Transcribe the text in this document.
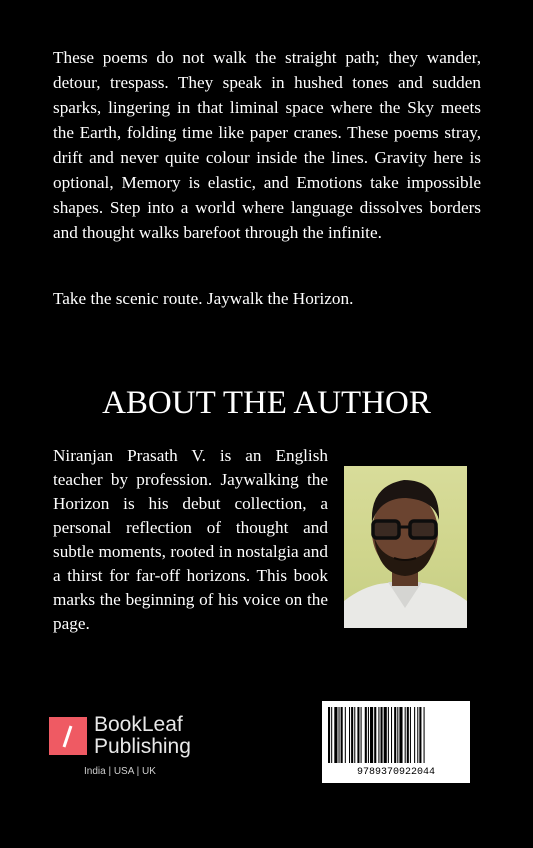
These poems do not walk the straight path; they wander, detour, trespass. They speak in hushed tones and sudden sparks, lingering in that liminal space where the Sky meets the Earth, folding time like paper cranes. These poems stray, drift and never quite colour inside the lines. Gravity here is optional, Memory is elastic, and Emotions take impossible shapes. Step into a world where language dissolves borders and thought walks barefoot through the infinite.

Take the scenic route. Jaywalk the Horizon.

ABOUT THE AUTHOR

Niranjan Prasath V. is an English teacher by profession. Jaywalking the Horizon is his debut collection, a personal reflection of thought and subtle moments, rooted in nostalgia and a thirst for far-off horizons. This book marks the beginning of his voice on the page.

BookLeaf
Publishing
India | USA | UK	9789370922044
